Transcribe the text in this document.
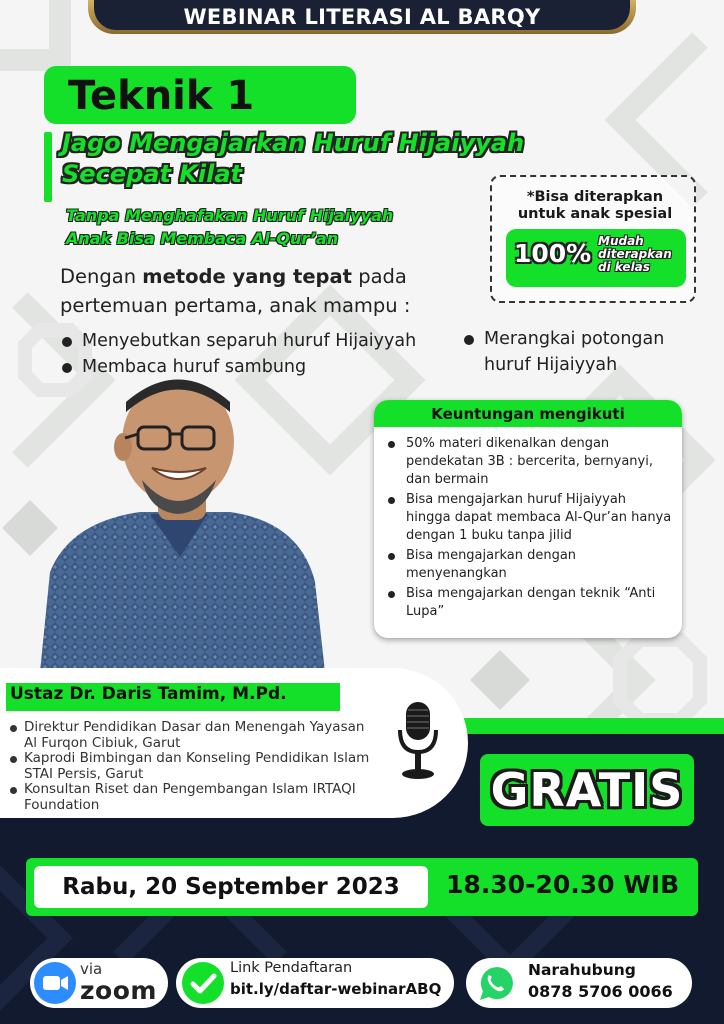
WEBINAR LITERASI AL BARQY
Teknik 1
Jago Mengajarkan Huruf Hijaiyyah
Secepat Kilat
Tanpa Menghafakan Huruf Hijaiyyah
Anak Bisa Membaca Al-Qur’an
*Bisa diterapkan untuk anak spesial
100% Mudah diterapkan di kelas
Dengan metode yang tepat pada pertemuan pertama, anak mampu :
Menyebutkan separuh huruf Hijaiyyah
Membaca huruf sambung
Merangkai potongan huruf Hijaiyyah
Keuntungan mengikuti
50% materi dikenalkan dengan pendekatan 3B : bercerita, bernyanyi, dan bermain
Bisa mengajarkan huruf Hijaiyyah hingga dapat membaca Al-Qur’an hanya dengan 1 buku tanpa jilid
Bisa mengajarkan dengan menyenangkan
Bisa mengajarkan dengan teknik “Anti Lupa”
Ustaz Dr. Daris Tamim, M.Pd.
Direktur Pendidikan Dasar dan Menengah Yayasan Al Furqon Cibiuk, Garut
Kaprodi Bimbingan dan Konseling Pendidikan Islam STAI Persis, Garut
Konsultan Riset dan Pengembangan Islam IRTAQI Foundation	GRATIS
Rabu, 20 September 2023 18.30-20.30 WIB
via
zoom
Link Pendaftaran
bit.ly/daftar-webinarABQ
Narahubung
0878 5706 0066
